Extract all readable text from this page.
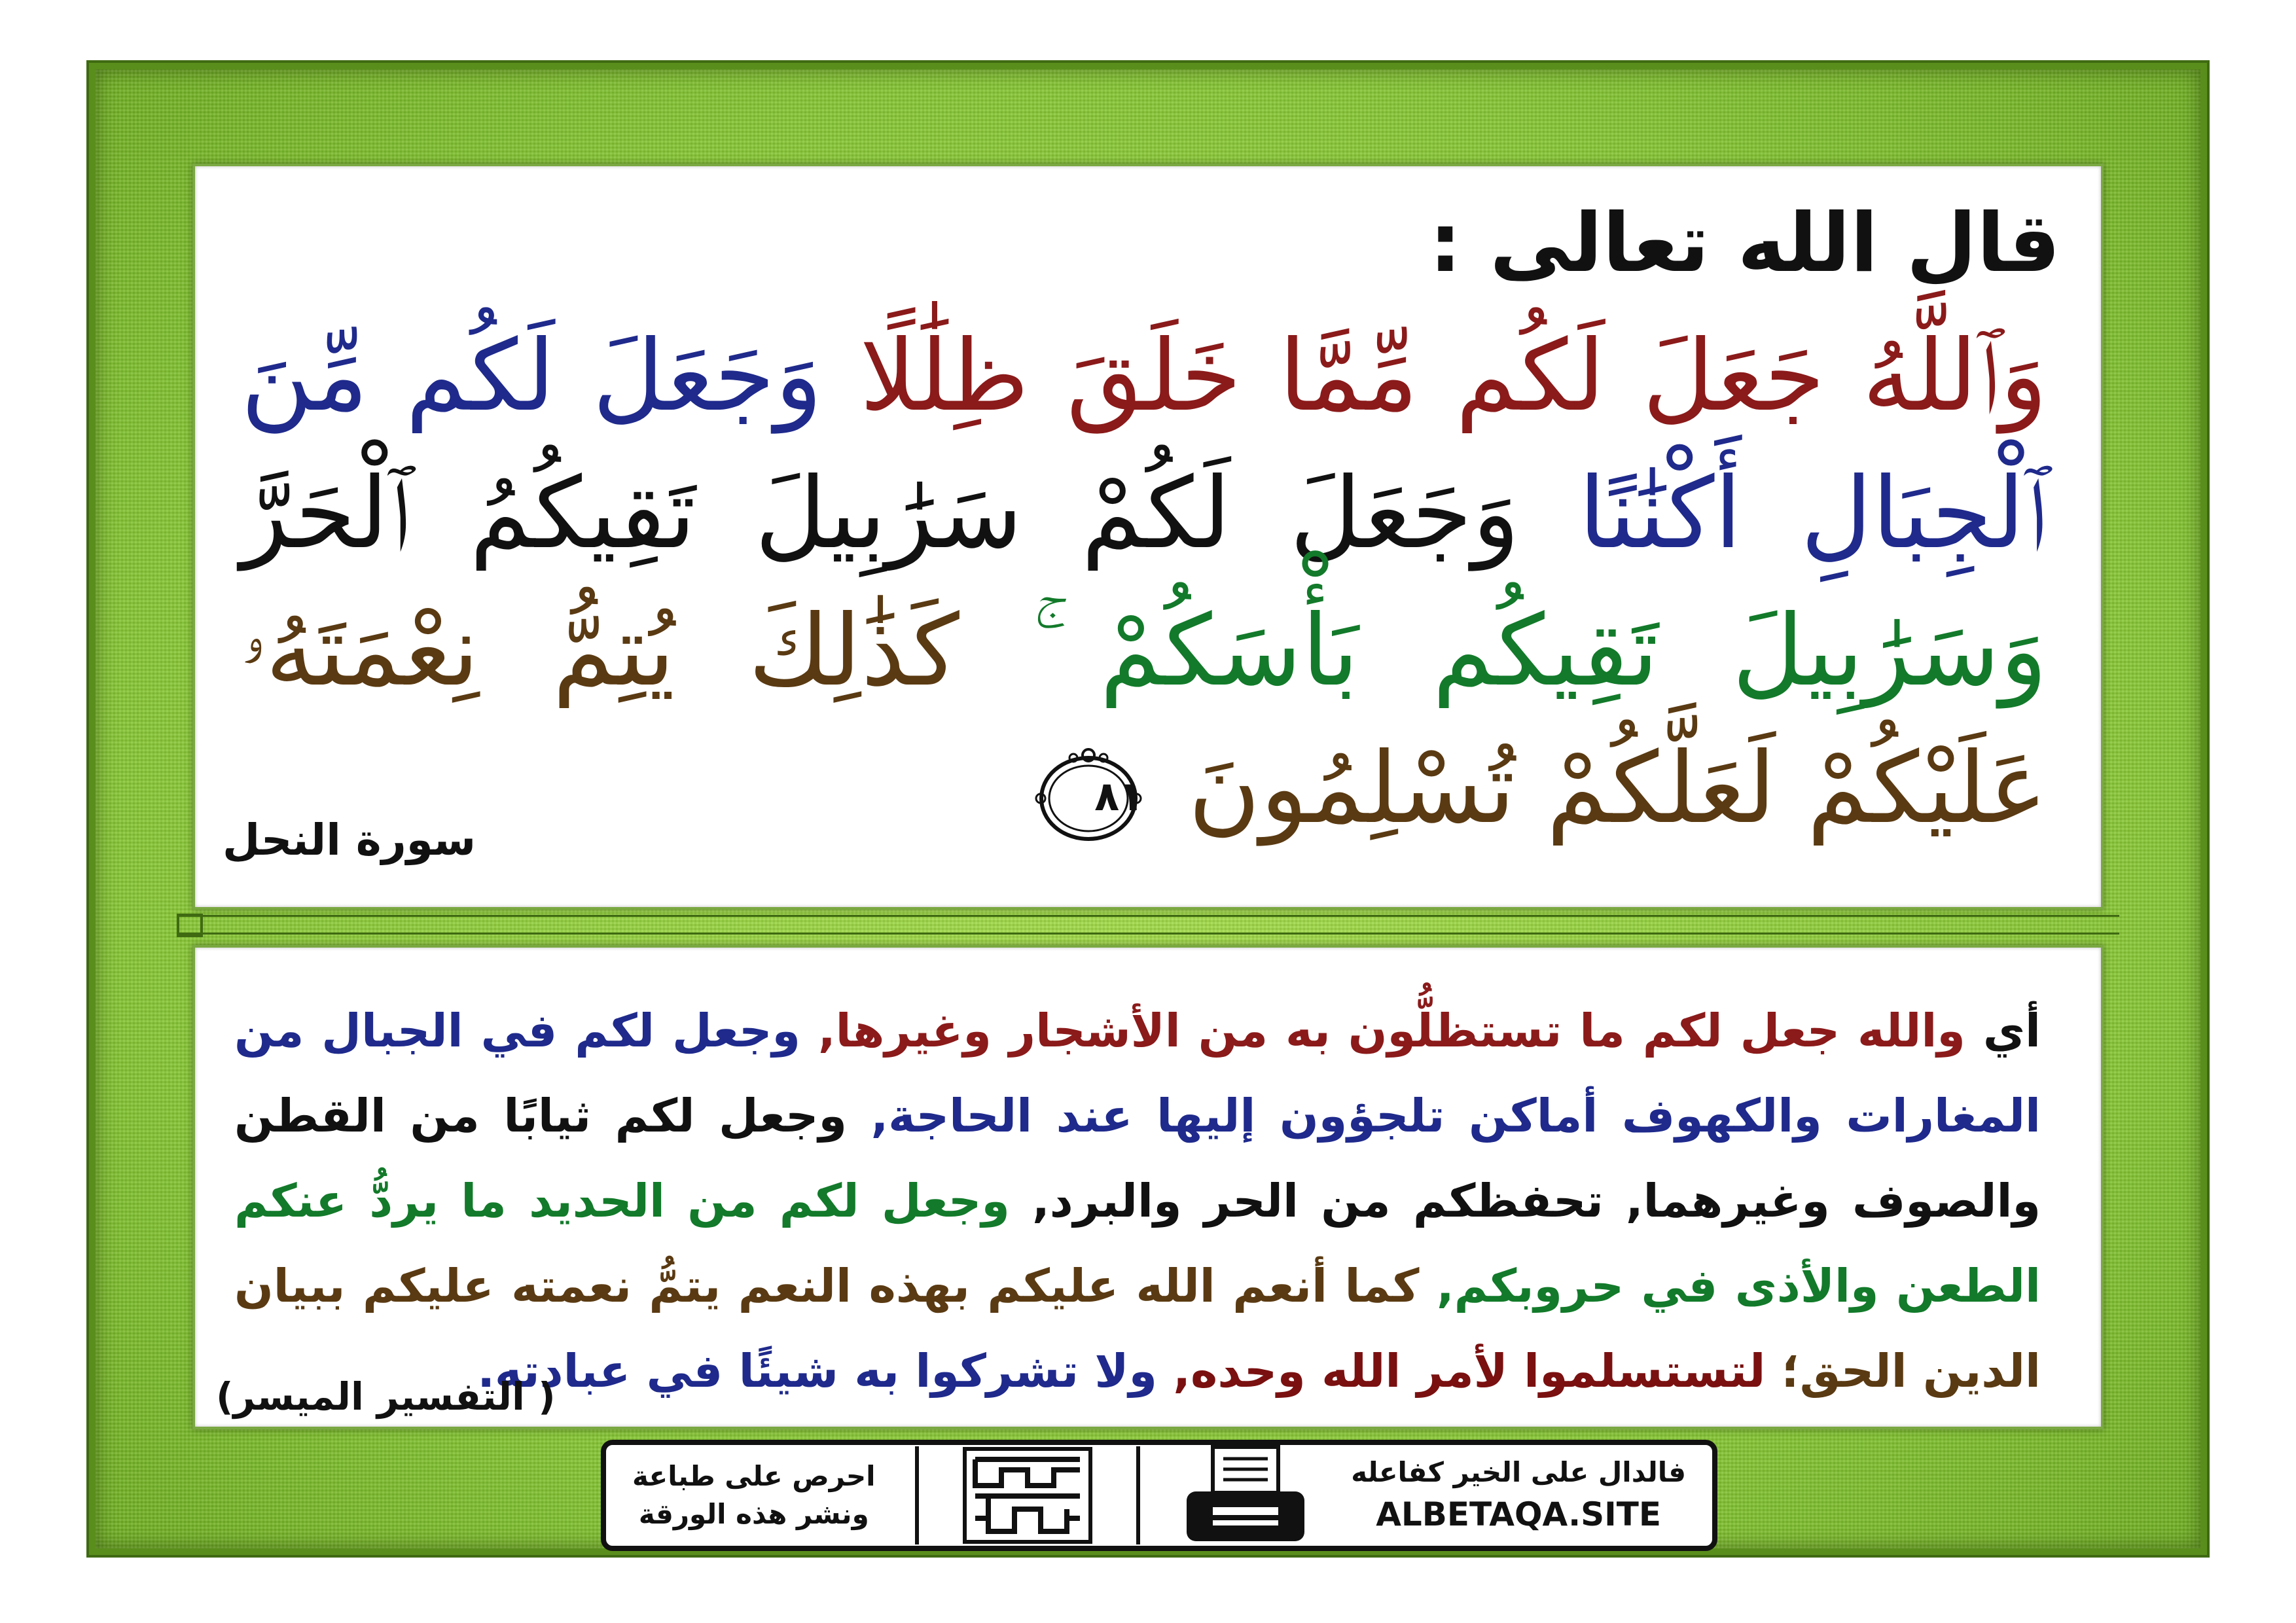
قال الله تعالى :

وَٱللَّهُ جَعَلَ لَكُم مِّمَّا خَلَقَ ظِلَٰلًا وَجَعَلَ لَكُم مِّنَ ٱلْجِبَالِ أَكْنَٰنًا وَجَعَلَ لَكُمْ سَرَٰبِيلَ تَقِيكُمُ ٱلْحَرَّ وَسَرَٰبِيلَ تَقِيكُم بَأْسَكُمْ ۚ كَذَٰلِكَ يُتِمُّ نِعْمَتَهُۥ عَلَيْكُمْ لَعَلَّكُمْ تُسْلِمُونَ
٨١

سورة النحل

أي والله جعل لكم ما تستظلُّون به من الأشجار وغيرها, وجعل لكم في الجبال من المغارات والكهوف أماكن تلجؤون إليها عند الحاجة, وجعل لكم ثيابًا من القطن والصوف وغيرهما, تحفظكم من الحر والبرد, وجعل لكم من الحديد ما يردُّ عنكم الطعن والأذى في حروبكم, كما أنعم الله عليكم بهذه النعم يتمُّ نعمته عليكم ببيان الدين الحق؛ لتستسلموا لأمر الله وحده, ولا تشركوا به شيئًا في عبادته.

( التفسير الميسر)

احرص على طباعة
ونشر هذه الورقة
فالدال على الخير كفاعله
ALBETAQA.SITE
